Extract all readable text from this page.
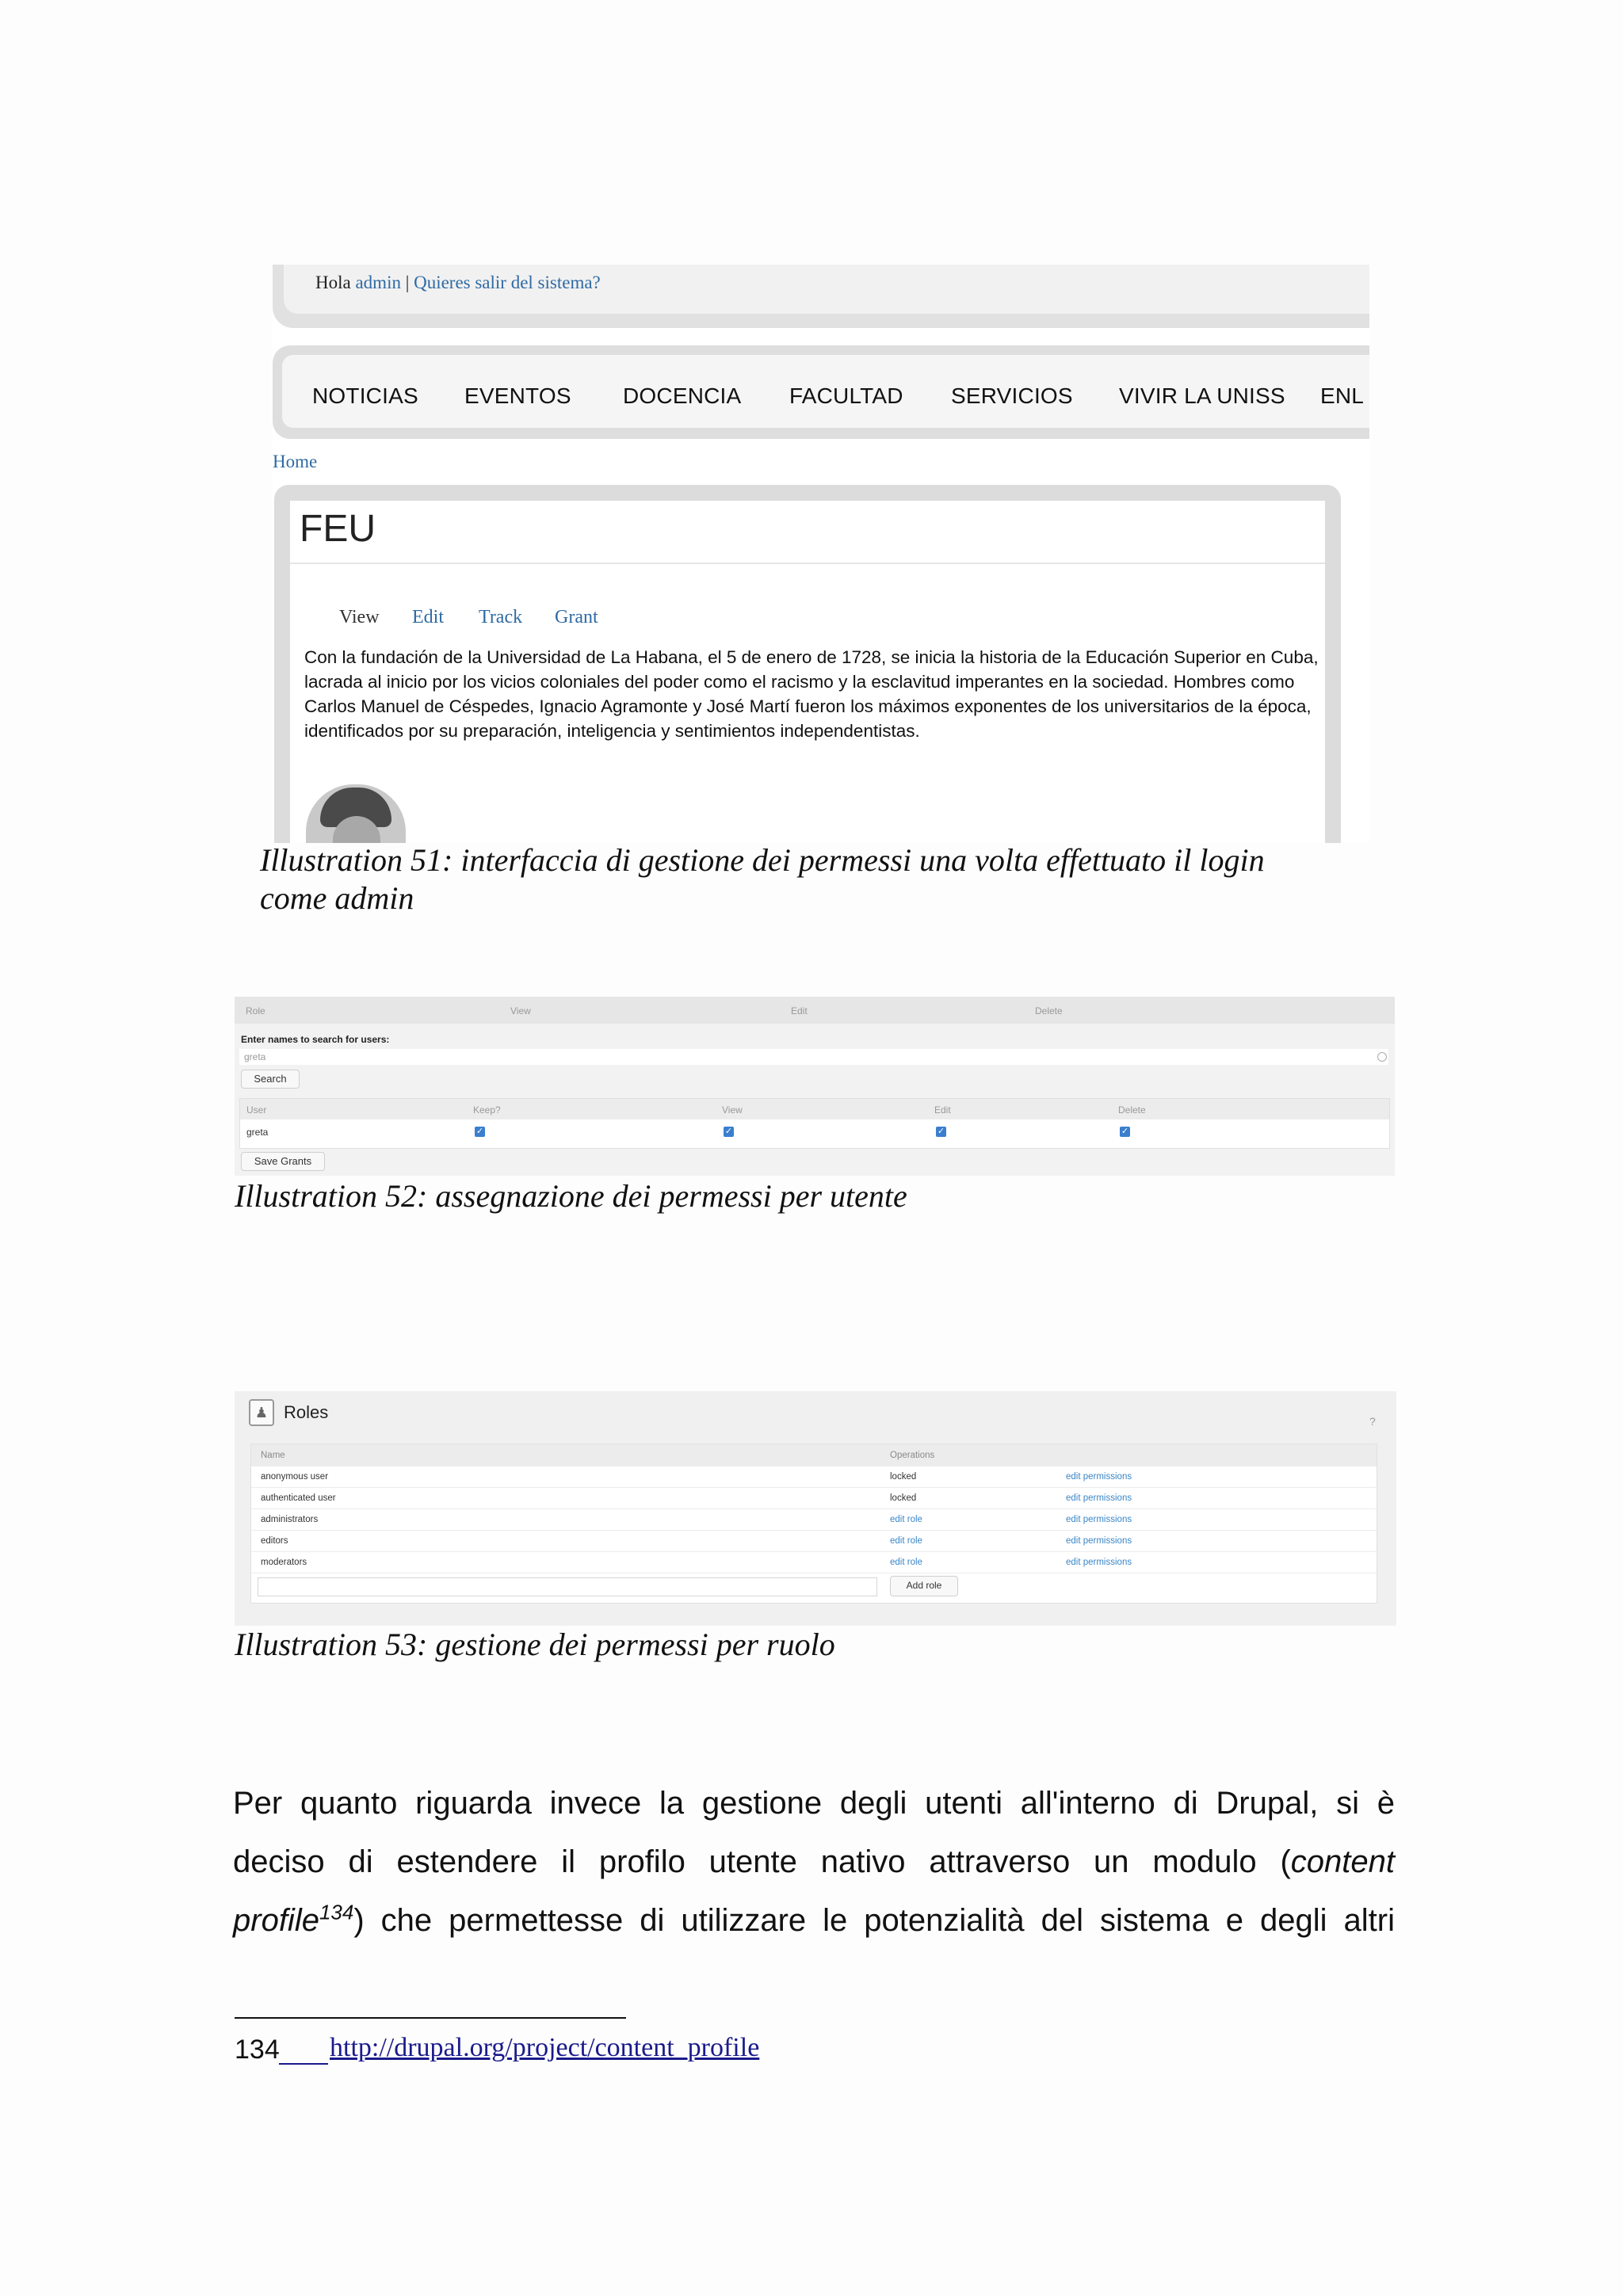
Hola admin | Quieres salir del sistema?
NOTICIAS EVENTOS DOCENCIA FACULTAD SERVICIOS VIVIR LA UNISS ENL
Home
FEU
View Edit Track Grant
Con la fundación de la Universidad de La Habana, el 5 de enero de 1728, se inicia la historia de la Educación Superior en Cuba, lacrada al inicio por los vicios coloniales del poder como el racismo y la esclavitud imperantes en la sociedad. Hombres como Carlos Manuel de Céspedes, Ignacio Agramonte y José Martí fueron los máximos exponentes de los universitarios de la época, identificados por su preparación, inteligencia y sentimientos independentistas.
Illustration 51: interfaccia di gestione dei permessi una volta effettuato il login
come admin
Role	View	Edit	Delete
Enter names to search for users:
greta
Search
User	Keep?	View	Edit	Delete
greta	✓	✓	✓	✓
Save Grants
Illustration 52: assegnazione dei permessi per utente
♟ Roles	?
Name	Operations
anonymous user	locked	edit permissions
authenticated user	locked	edit permissions
administrators	edit role	edit permissions
editors	edit role	edit permissions
moderators	edit role	edit permissions
Add role
Illustration 53: gestione dei permessi per ruolo
Per quanto riguarda invece la gestione degli utenti all'interno di Drupal, si è
deciso di estendere il profilo utente nativo attraverso un modulo (content
profile$^{134}$) che permettesse di utilizzare le potenzialità del sistema e degli altri
134 http://drupal.org/project/content_profile
